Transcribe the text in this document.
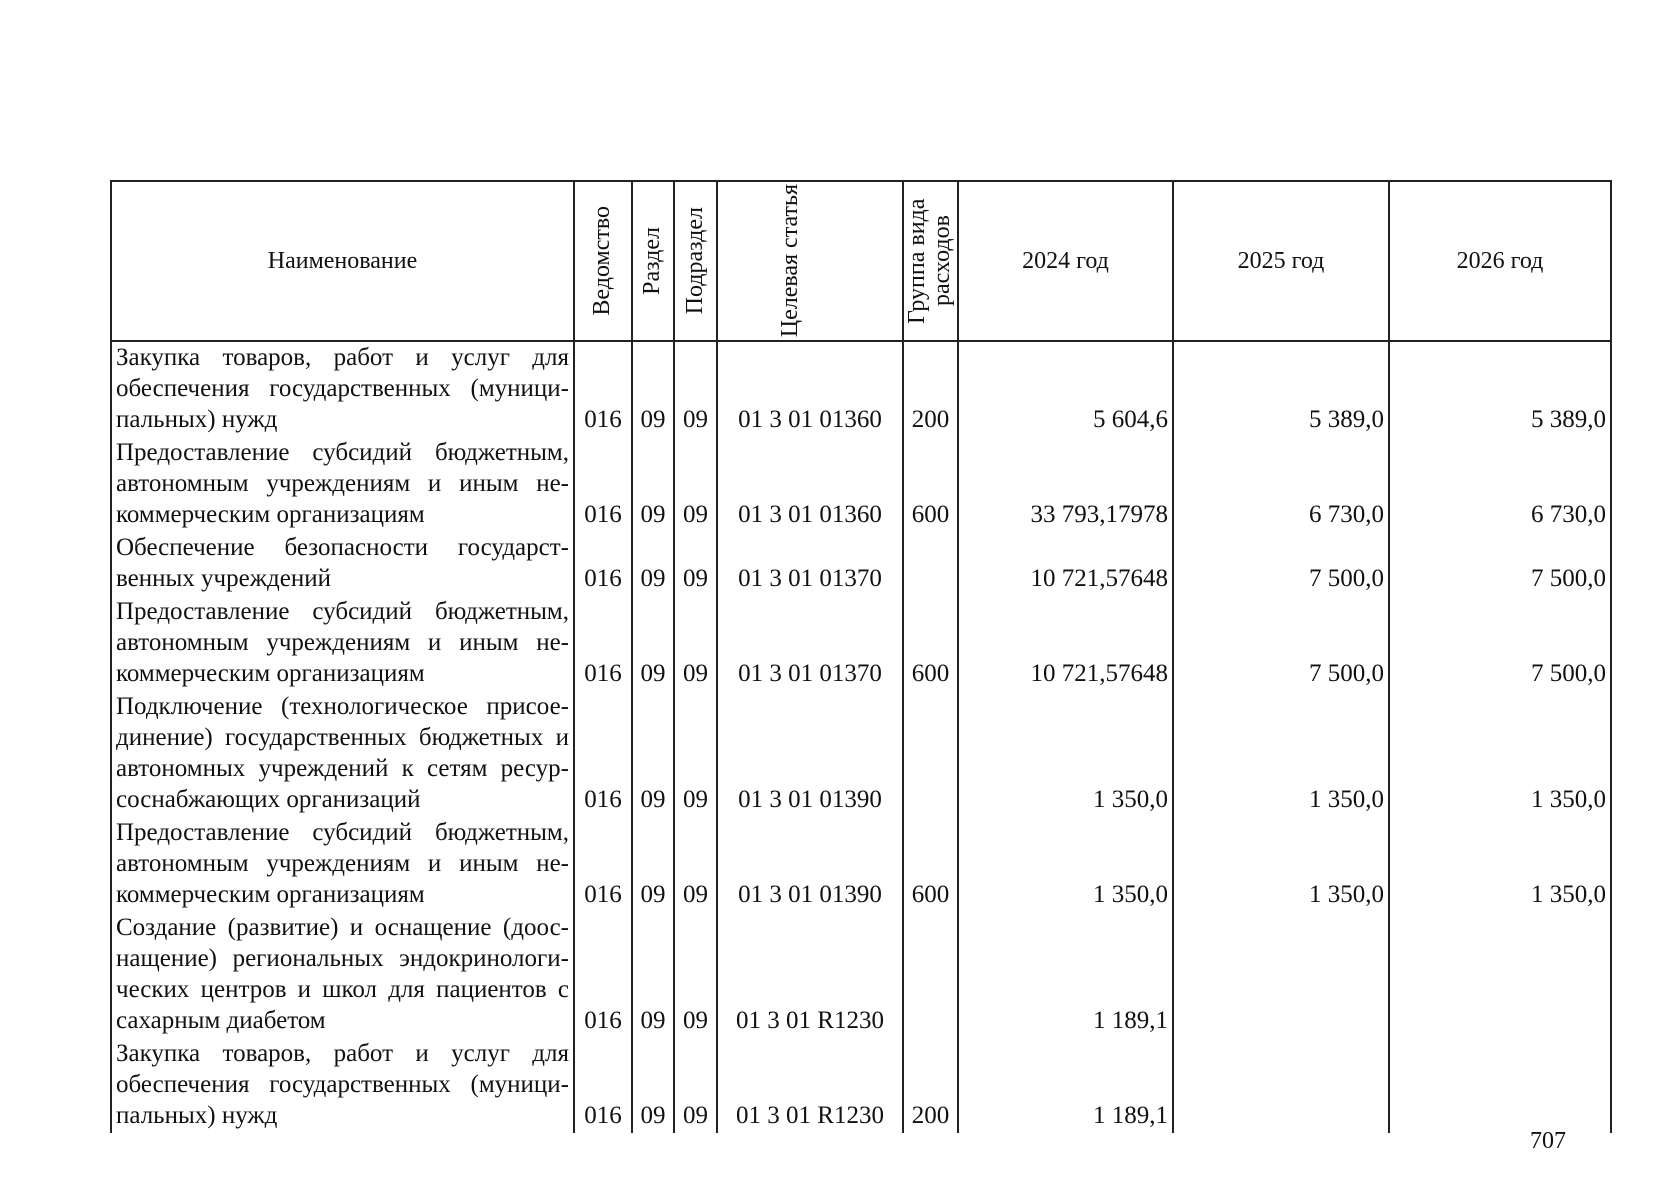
Наименование	Ведомство	Раздел	Подраздел	Целевая статья	Группа вида расходов	2024 год	2025 год	2026 год
Закупка товаров, работ и услуг для обеспечения государственных (муници-пальных) нужд	016	09	09	01 3 01 01360	200	5 604,6	5 389,0	5 389,0
Предоставление субсидий бюджетным, автономным учреждениям и иным не-коммерческим организациям	016	09	09	01 3 01 01360	600	33 793,17978	6 730,0	6 730,0
Обеспечение безопасности государст-венных учреждений	016	09	09	01 3 01 01370		10 721,57648	7 500,0	7 500,0
Предоставление субсидий бюджетным, автономным учреждениям и иным не-коммерческим организациям	016	09	09	01 3 01 01370	600	10 721,57648	7 500,0	7 500,0
Подключение (технологическое присое-динение) государственных бюджетных и автономных учреждений к сетям ресур-соснабжающих организаций	016	09	09	01 3 01 01390		1 350,0	1 350,0	1 350,0
Предоставление субсидий бюджетным, автономным учреждениям и иным не-коммерческим организациям	016	09	09	01 3 01 01390	600	1 350,0	1 350,0	1 350,0
Создание (развитие) и оснащение (доос-нащение) региональных эндокринологи-ческих центров и школ для пациентов с сахарным диабетом	016	09	09	01 3 01 R1230		1 189,1		
Закупка товаров, работ и услуг для обеспечения государственных (муници-пальных) нужд	016	09	09	01 3 01 R1230	200	1 189,1		
707
